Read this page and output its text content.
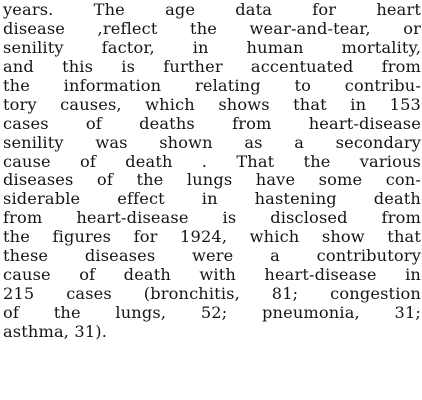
years. The age data for heart
disease ,reflect the wear-and-tear, or
senility factor, in human mortality,
and this is further accentuated from
the information relating to contribu-
tory causes, which shows that in 153
cases of deaths from heart-disease
senility was shown as a secondary
cause of death . That the various
diseases of the lungs have some con-
siderable effect in hastening death
from heart-disease is disclosed from
the figures for 1924, which show that
these diseases were a contributory
cause of death with heart-disease in
215 cases (bronchitis, 81; congestion
of the lungs, 52; pneumonia, 31;
asthma, 31).
